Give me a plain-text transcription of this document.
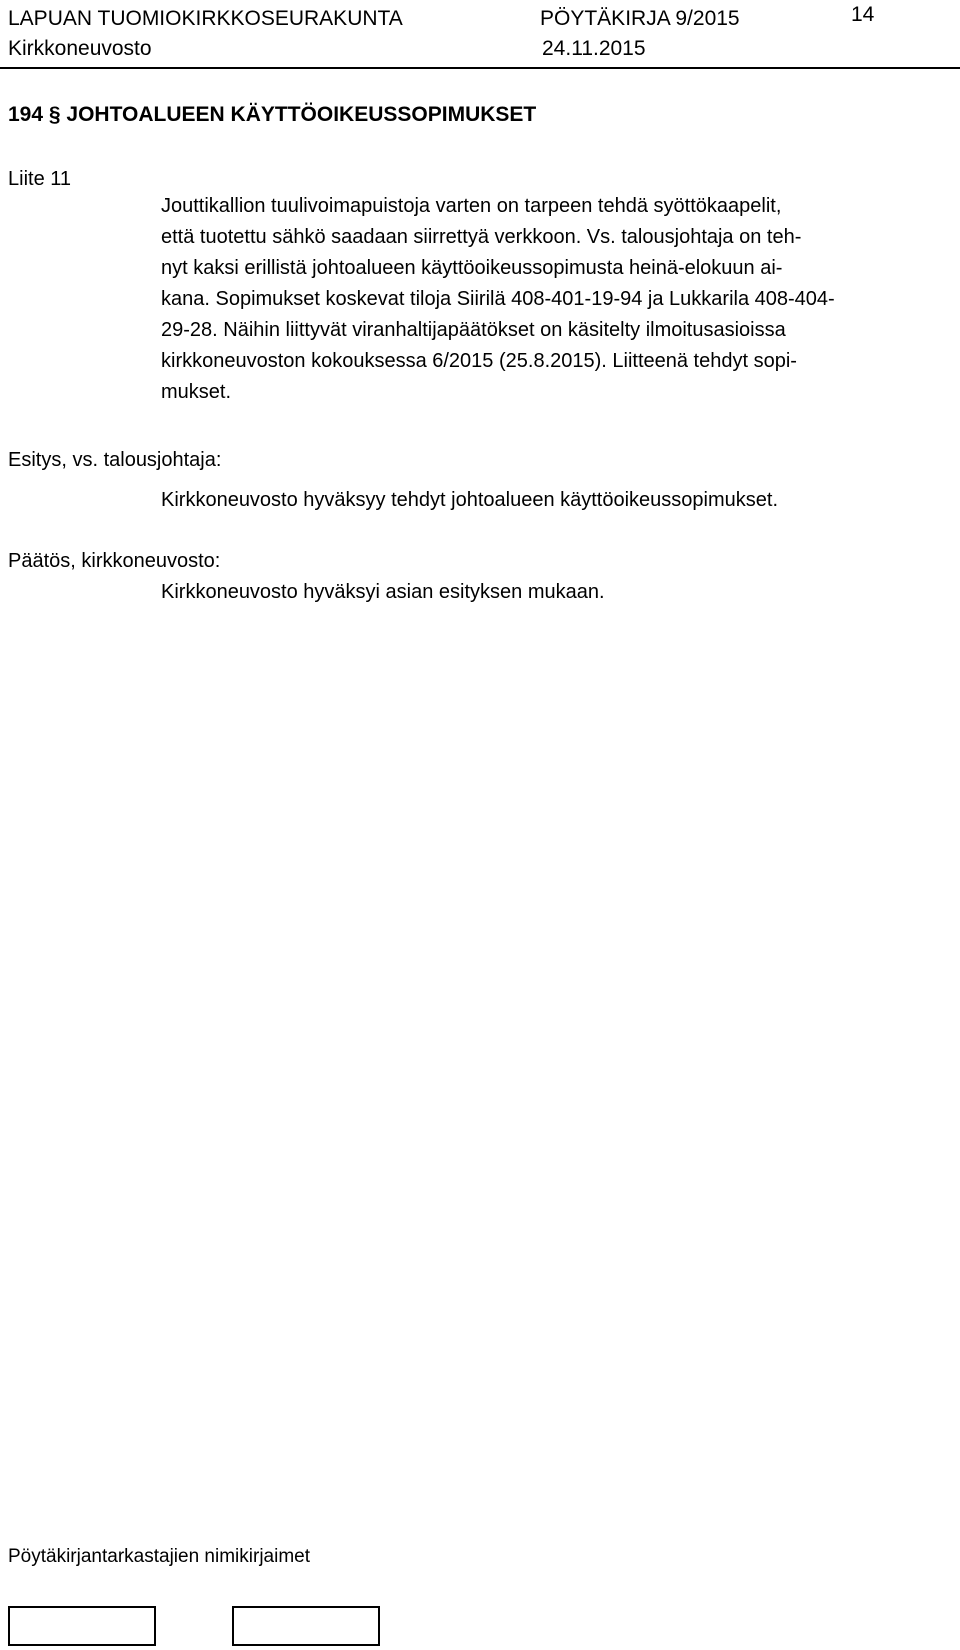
LAPUAN TUOMIOKIRKKOSEURAKUNTA	PÖYTÄKIRJA 9/2015
Kirkkoneuvosto	24.11.2015
14
194 § JOHTOALUEEN KÄYTTÖOIKEUSSOPIMUKSET
Liite 11
Jouttikallion tuulivoimapuistoja varten on tarpeen tehdä syöttökaapelit,
että tuotettu sähkö saadaan siirrettyä verkkoon. Vs. talousjohtaja on teh-
nyt kaksi erillistä johtoalueen käyttöoikeussopimusta heinä-elokuun ai-
kana. Sopimukset koskevat tiloja Siirilä 408-401-19-94 ja Lukkarila 408-404-
29-28. Näihin liittyvät viranhaltijapäätökset on käsitelty ilmoitusasioissa
kirkkoneuvoston kokouksessa 6/2015 (25.8.2015). Liitteenä tehdyt sopi-
mukset.
Esitys, vs. talousjohtaja:
Kirkkoneuvosto hyväksyy tehdyt johtoalueen käyttöoikeussopimukset.
Päätös, kirkkoneuvosto:
Kirkkoneuvosto hyväksyi asian esityksen mukaan.
Pöytäkirjantarkastajien nimikirjaimet
